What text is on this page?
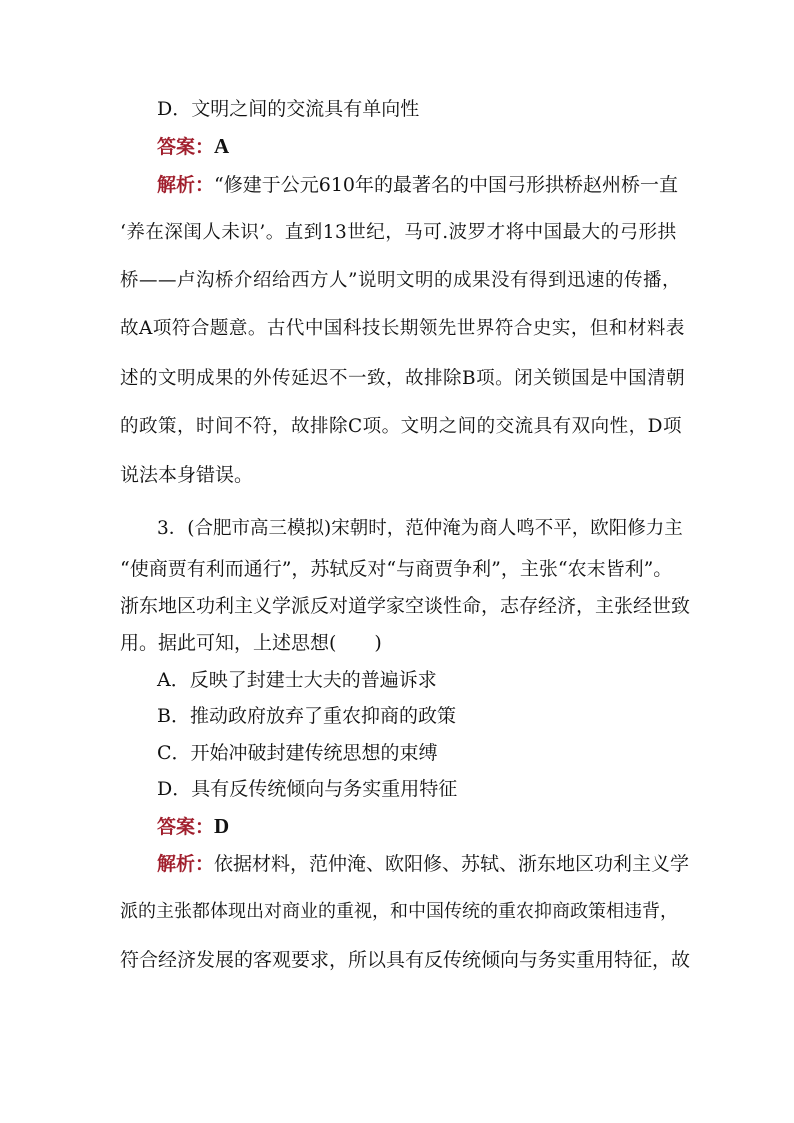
D．文明之间的交流具有单向性
答案：A
解析：“修建于公元610年的最著名的中国弓形拱桥赵州桥一直
‘养在深闺人未识’。直到13世纪，马可.波罗才将中国最大的弓形拱
桥——卢沟桥介绍给西方人”说明文明的成果没有得到迅速的传播，
故A项符合题意。古代中国科技长期领先世界符合史实，但和材料表
述的文明成果的外传延迟不一致，故排除B项。闭关锁国是中国清朝
的政策，时间不符，故排除C项。文明之间的交流具有双向性，D项
说法本身错误。
3．(合肥市高三模拟)宋朝时，范仲淹为商人鸣不平，欧阳修力主
“使商贾有利而通行”，苏轼反对“与商贾争利”，主张“农末皆利”。
浙东地区功利主义学派反对道学家空谈性命，志存经济，主张经世致
用。据此可知，上述思想(　　)
A．反映了封建士大夫的普遍诉求
B．推动政府放弃了重农抑商的政策
C．开始冲破封建传统思想的束缚
D．具有反传统倾向与务实重用特征
答案：D
解析：依据材料，范仲淹、欧阳修、苏轼、浙东地区功利主义学
派的主张都体现出对商业的重视，和中国传统的重农抑商政策相违背，
符合经济发展的客观要求，所以具有反传统倾向与务实重用特征，故
